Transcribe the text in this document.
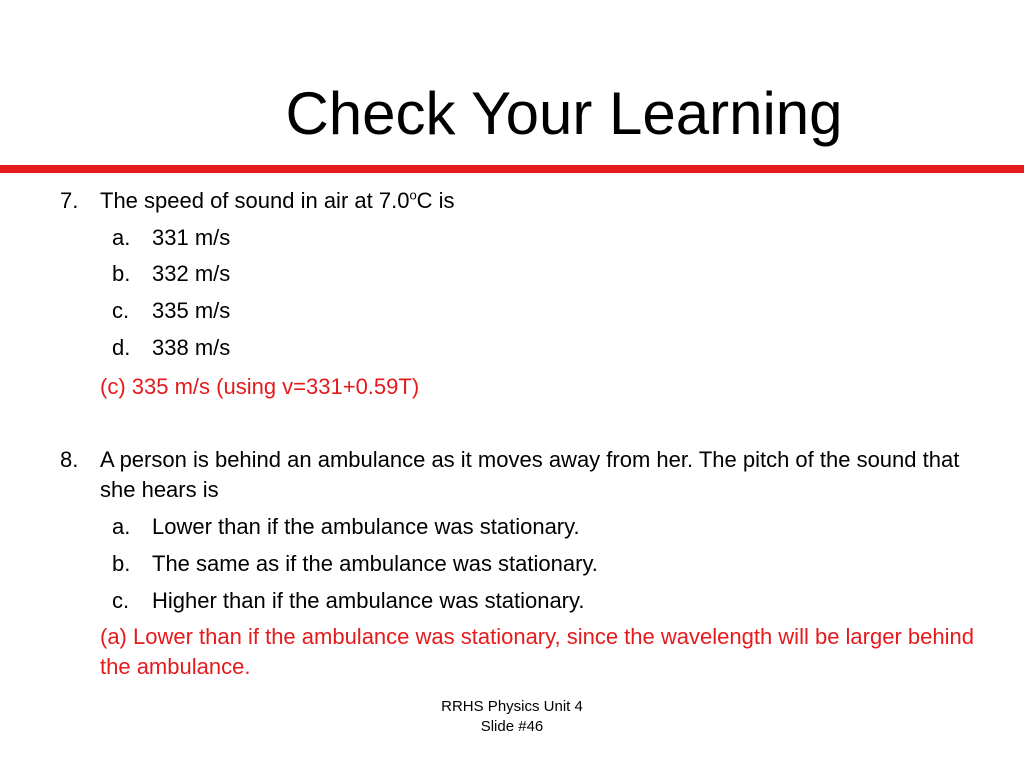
Check Your Learning
7. The speed of sound in air at 7.0$^o$C is
a. 331 m/s
b. 332 m/s
c. 335 m/s
d. 338 m/s
(c) 335 m/s (using v=331+0.59T)
8. A person is behind an ambulance as it moves away from her. The pitch of the sound that she hears is
a. Lower than if the ambulance was stationary.
b. The same as if the ambulance was stationary.
c. Higher than if the ambulance was stationary.
(a) Lower than if the ambulance was stationary, since the wavelength will be larger behind the ambulance.
RRHS Physics Unit 4
Slide #46
